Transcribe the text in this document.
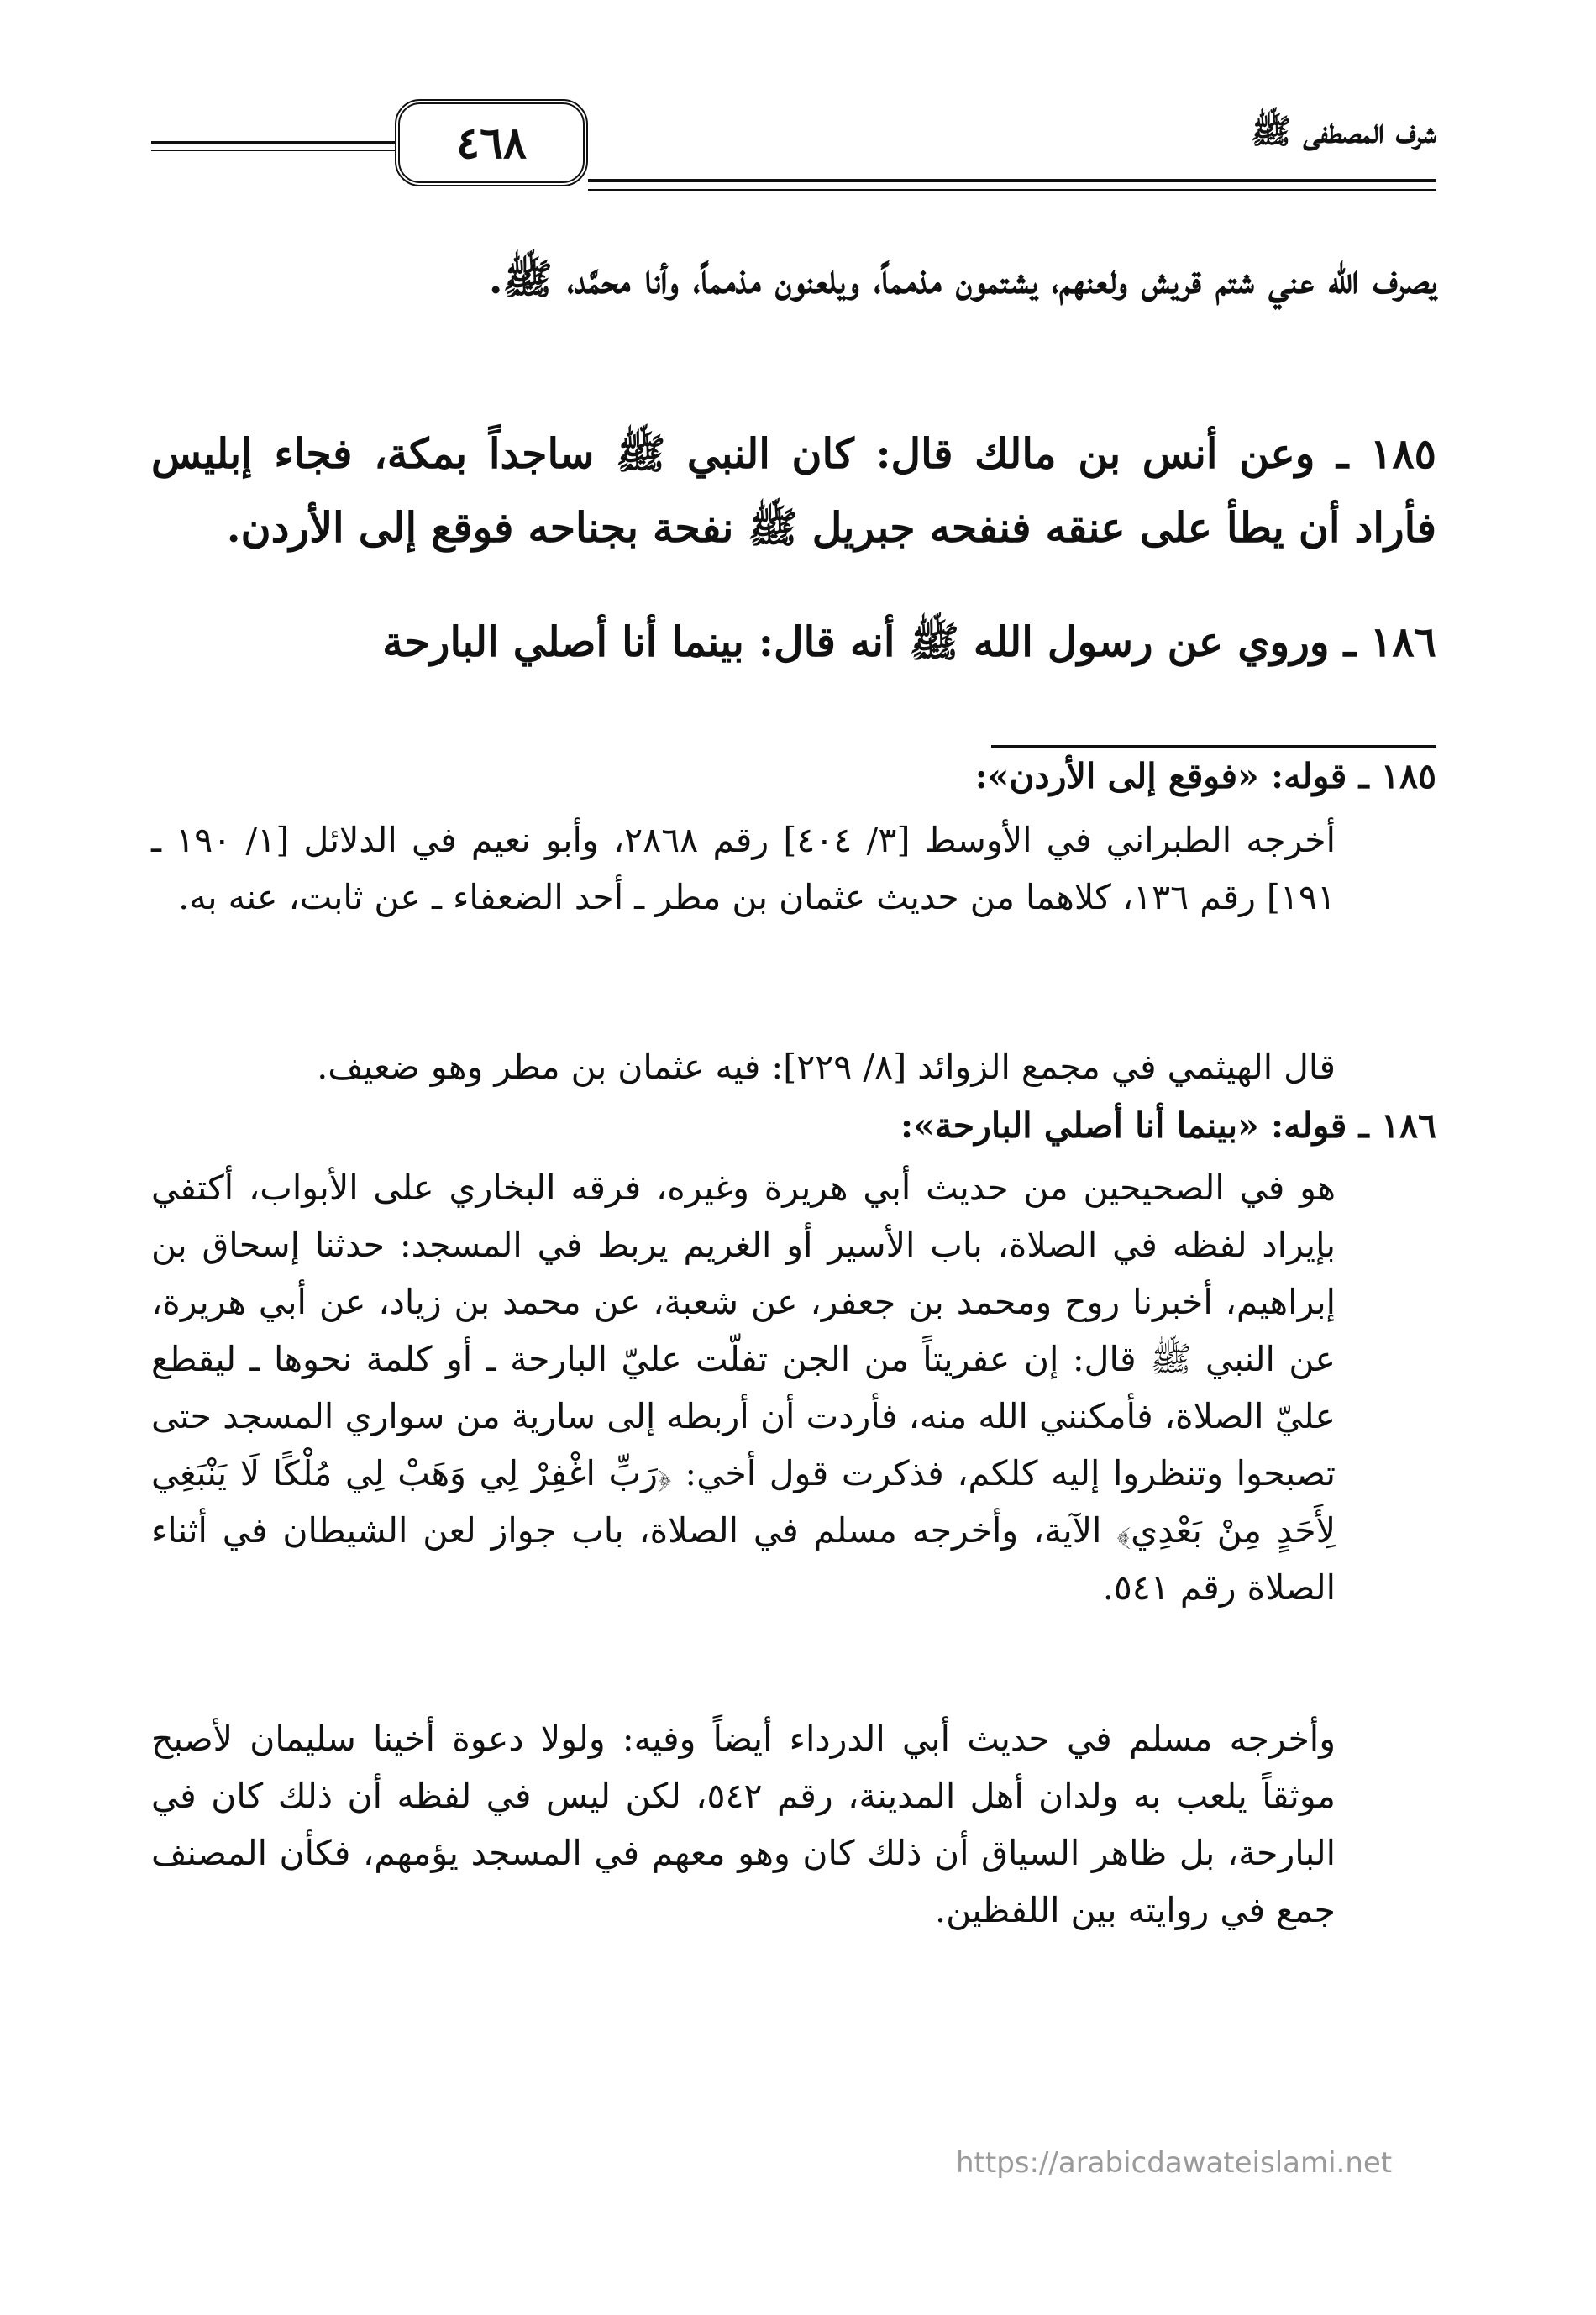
٤٦٨	شرف المصطفى ﷺ

يصرف الله عني شتم قريش ولعنهم، يشتمون مذمماً، ويلعنون مذمماً، وأنا محمَّد، ﷺ.

١٨٥ ـ وعن أنس بن مالك قال: كان النبي ﷺ ساجداً بمكة، فجاء إبليس فأراد أن يطأ على عنقه فنفحه جبريل ﷺ نفحة بجناحه فوقع إلى الأردن.

١٨٦ ـ وروي عن رسول الله ﷺ أنه قال: بينما أنا أصلي البارحة

١٨٥ ـ قوله: «فوقع إلى الأردن»:

أخرجه الطبراني في الأوسط [٣/ ٤٠٤] رقم ٢٨٦٨، وأبو نعيم في الدلائل [١/ ١٩٠ ـ ١٩١] رقم ١٣٦، كلاهما من حديث عثمان بن مطر ـ أحد الضعفاء ـ عن ثابت، عنه به.

قال الهيثمي في مجمع الزوائد [٨/ ٢٢٩]: فيه عثمان بن مطر وهو ضعيف.

١٨٦ ـ قوله: «بينما أنا أصلي البارحة»:

هو في الصحيحين من حديث أبي هريرة وغيره، فرقه البخاري على الأبواب، أكتفي بإيراد لفظه في الصلاة، باب الأسير أو الغريم يربط في المسجد: حدثنا إسحاق بن إبراهيم، أخبرنا روح ومحمد بن جعفر، عن شعبة، عن محمد بن زياد، عن أبي هريرة، عن النبي ﷺ قال: إن عفريتاً من الجن تفلّت عليّ البارحة ـ أو كلمة نحوها ـ ليقطع عليّ الصلاة، فأمكنني الله منه، فأردت أن أربطه إلى سارية من سواري المسجد حتى تصبحوا وتنظروا إليه كلكم، فذكرت قول أخي: ﴿رَبِّ اغْفِرْ لِي وَهَبْ لِي مُلْكًا لَا يَنْبَغِي لِأَحَدٍ مِنْ بَعْدِي﴾ الآية، وأخرجه مسلم في الصلاة، باب جواز لعن الشيطان في أثناء الصلاة رقم ٥٤١.

وأخرجه مسلم في حديث أبي الدرداء أيضاً وفيه: ولولا دعوة أخينا سليمان لأصبح موثقاً يلعب به ولدان أهل المدينة، رقم ٥٤٢، لكن ليس في لفظه أن ذلك كان في البارحة، بل ظاهر السياق أن ذلك كان وهو معهم في المسجد يؤمهم، فكأن المصنف جمع في روايته بين اللفظين.

https://arabicdawateislami.net
